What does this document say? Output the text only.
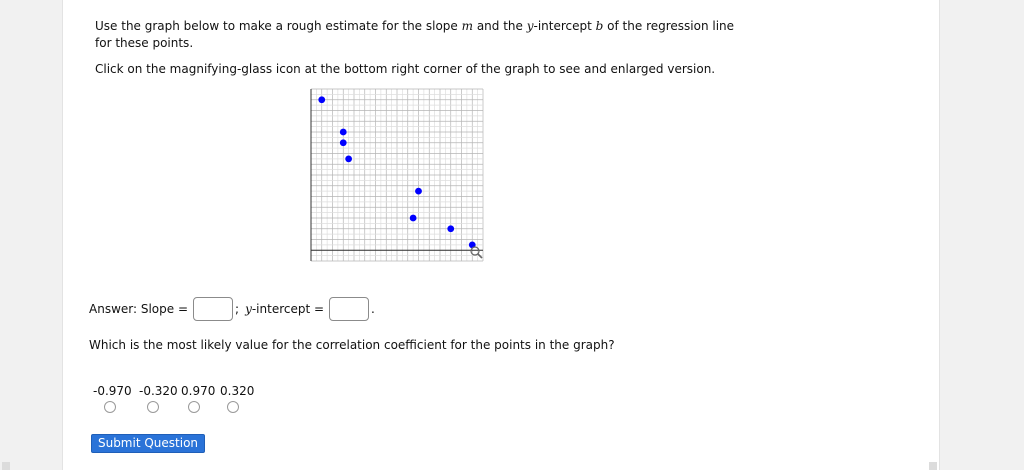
Use the graph below to make a rough estimate for the slope m and the y-intercept b of the regression line for these points.
Click on the magnifying-glass icon at the bottom right corner of the graph to see and enlarged version.
Answer: Slope =	; y -intercept =	.
Which is the most likely value for the correlation coefficient for the points in the graph?
-0.970 -0.320 0.970 0.320
Submit Question
